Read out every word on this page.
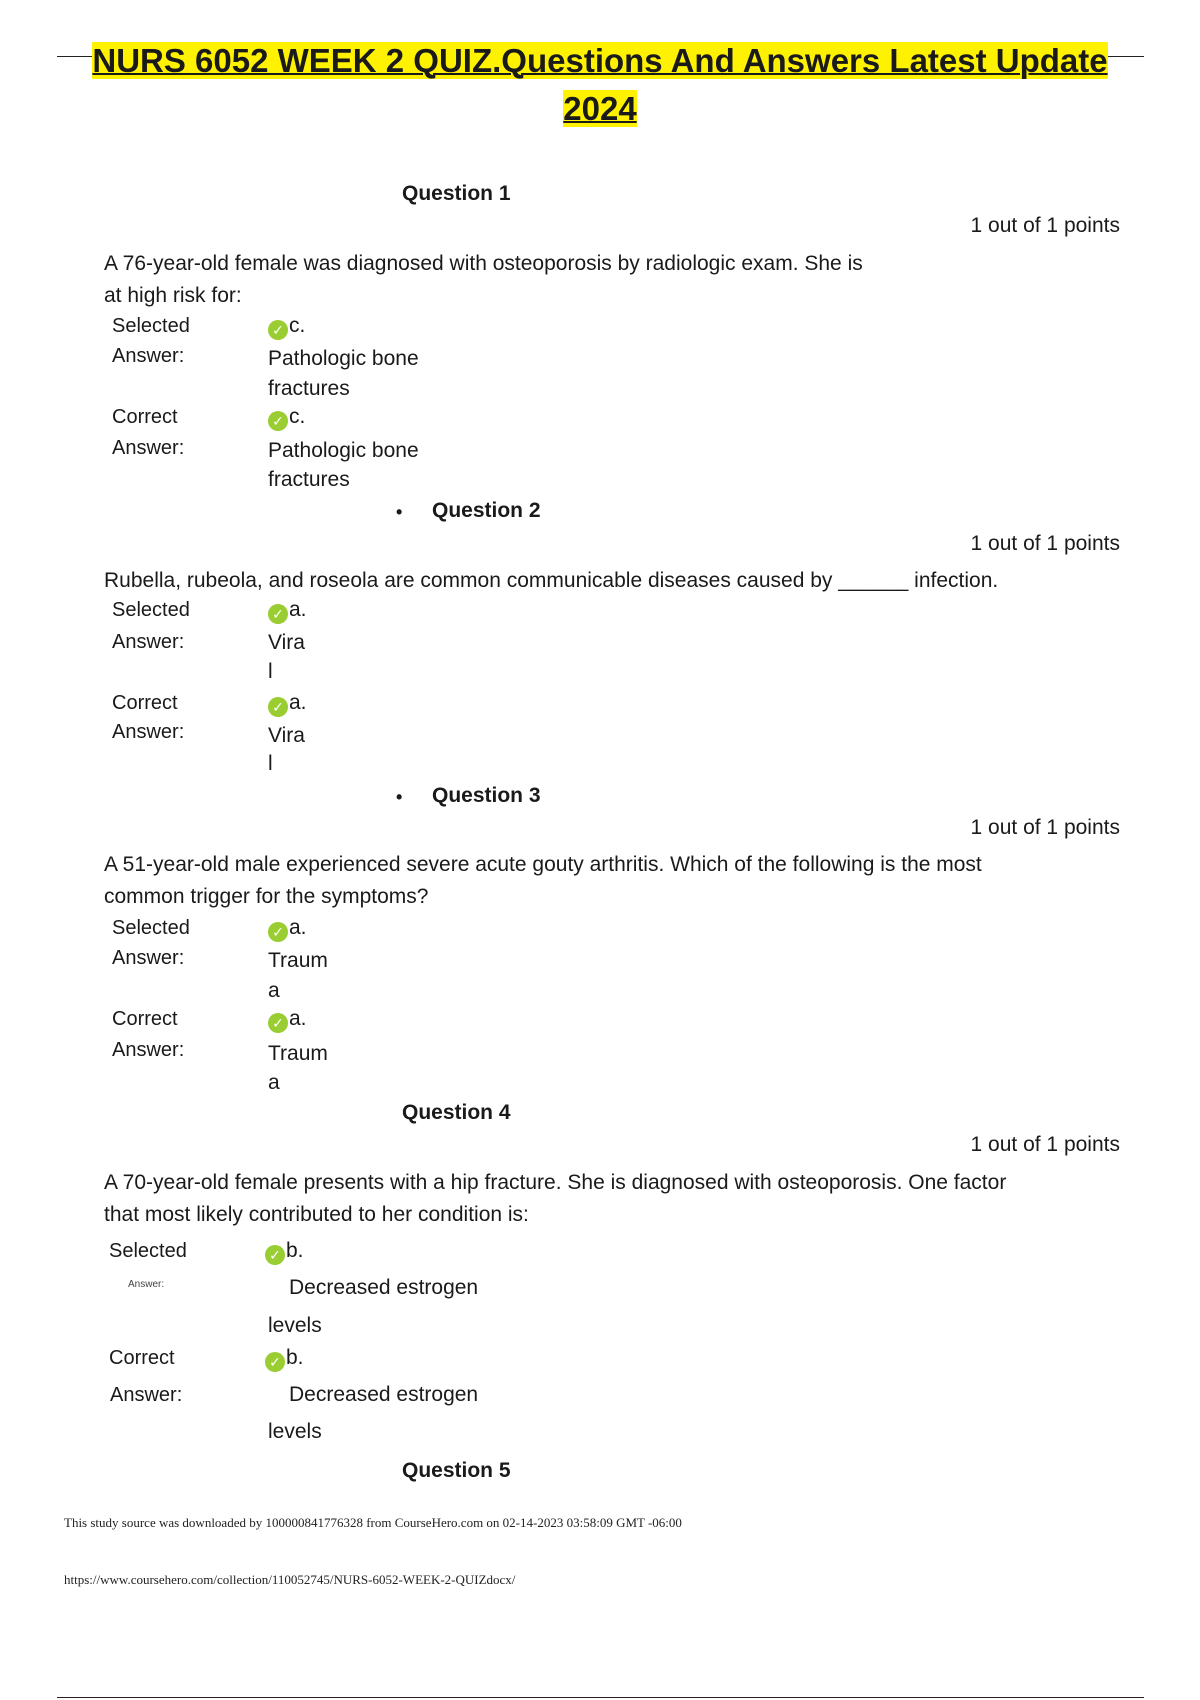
NURS 6052 WEEK 2 QUIZ.Questions And Answers Latest Update
2024
Question 1
1 out of 1 points
A 76-year-old female was diagnosed with osteoporosis by radiologic exam. She is at high risk for:
Selected
Answer:
✓ c.
Pathologic bone
fractures
Correct
Answer:
✓ c.
Pathologic bone
fractures
• Question 2
1 out of 1 points
Rubella, rubeola, and roseola are common communicable diseases caused by ______ infection.
Selected
Answer:
✓ a.
Vira
l
Correct
Answer:
✓ a.
Vira
l
• Question 3
1 out of 1 points
A 51-year-old male experienced severe acute gouty arthritis. Which of the following is the most common trigger for the symptoms?
Selected
Answer:
✓ a.
Traum
a
Correct
Answer:
✓ a.
Traum
a
Question 4
1 out of 1 points
A 70-year-old female presents with a hip fracture. She is diagnosed with osteoporosis. One factor that most likely contributed to her condition is:
Selected
Answer:
✓ b.
Decreased estrogen
levels
Correct
Answer:
✓ b.
Decreased estrogen
levels
Question 5
This study source was downloaded by 100000841776328 from CourseHero.com on 02-14-2023 03:58:09 GMT -06:00
https://www.coursehero.com/collection/110052745/NURS-6052-WEEK-2-QUIZdocx/
